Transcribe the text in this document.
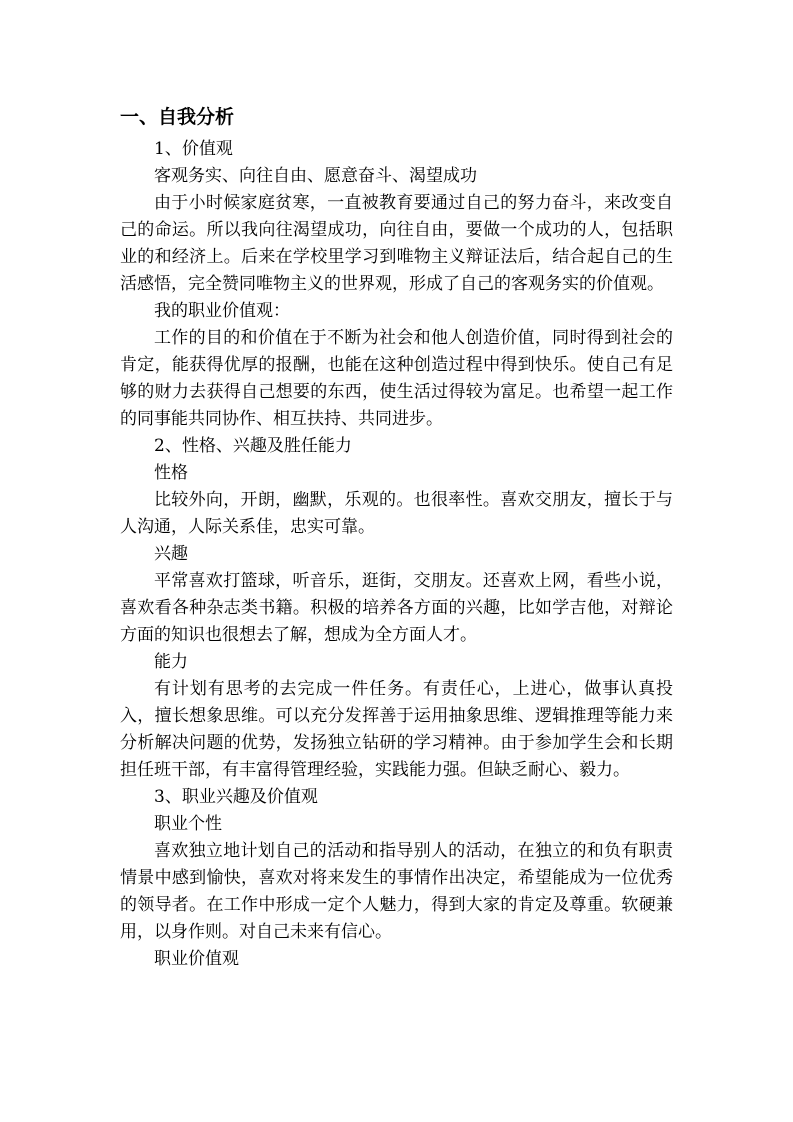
一、自我分析
1、价值观
客观务实、向往自由、愿意奋斗、渴望成功
由于小时候家庭贫寒，一直被教育要通过自己的努力奋斗，来改变自己的命运。所以我向往渴望成功，向往自由，要做一个成功的人，包括职业的和经济上。后来在学校里学习到唯物主义辩证法后，结合起自己的生活感悟，完全赞同唯物主义的世界观，形成了自己的客观务实的价值观。
我的职业价值观：
工作的目的和价值在于不断为社会和他人创造价值，同时得到社会的肯定，能获得优厚的报酬，也能在这种创造过程中得到快乐。使自己有足够的财力去获得自己想要的东西，使生活过得较为富足。也希望一起工作的同事能共同协作、相互扶持、共同进步。
2、性格、兴趣及胜任能力
性格
比较外向，开朗，幽默，乐观的。也很率性。喜欢交朋友，擅长于与人沟通，人际关系佳，忠实可靠。
兴趣
平常喜欢打篮球，听音乐，逛街，交朋友。还喜欢上网，看些小说，喜欢看各种杂志类书籍。积极的培养各方面的兴趣，比如学吉他，对辩论方面的知识也很想去了解，想成为全方面人才。
能力
有计划有思考的去完成一件任务。有责任心，上进心，做事认真投入，擅长想象思维。可以充分发挥善于运用抽象思维、逻辑推理等能力来分析解决问题的优势，发扬独立钻研的学习精神。由于参加学生会和长期担任班干部，有丰富得管理经验，实践能力强。但缺乏耐心、毅力。
3、职业兴趣及价值观
职业个性
喜欢独立地计划自己的活动和指导别人的活动，在独立的和负有职责情景中感到愉快，喜欢对将来发生的事情作出决定，希望能成为一位优秀的领导者。在工作中形成一定个人魅力，得到大家的肯定及尊重。软硬兼用，以身作则。对自己未来有信心。
职业价值观
